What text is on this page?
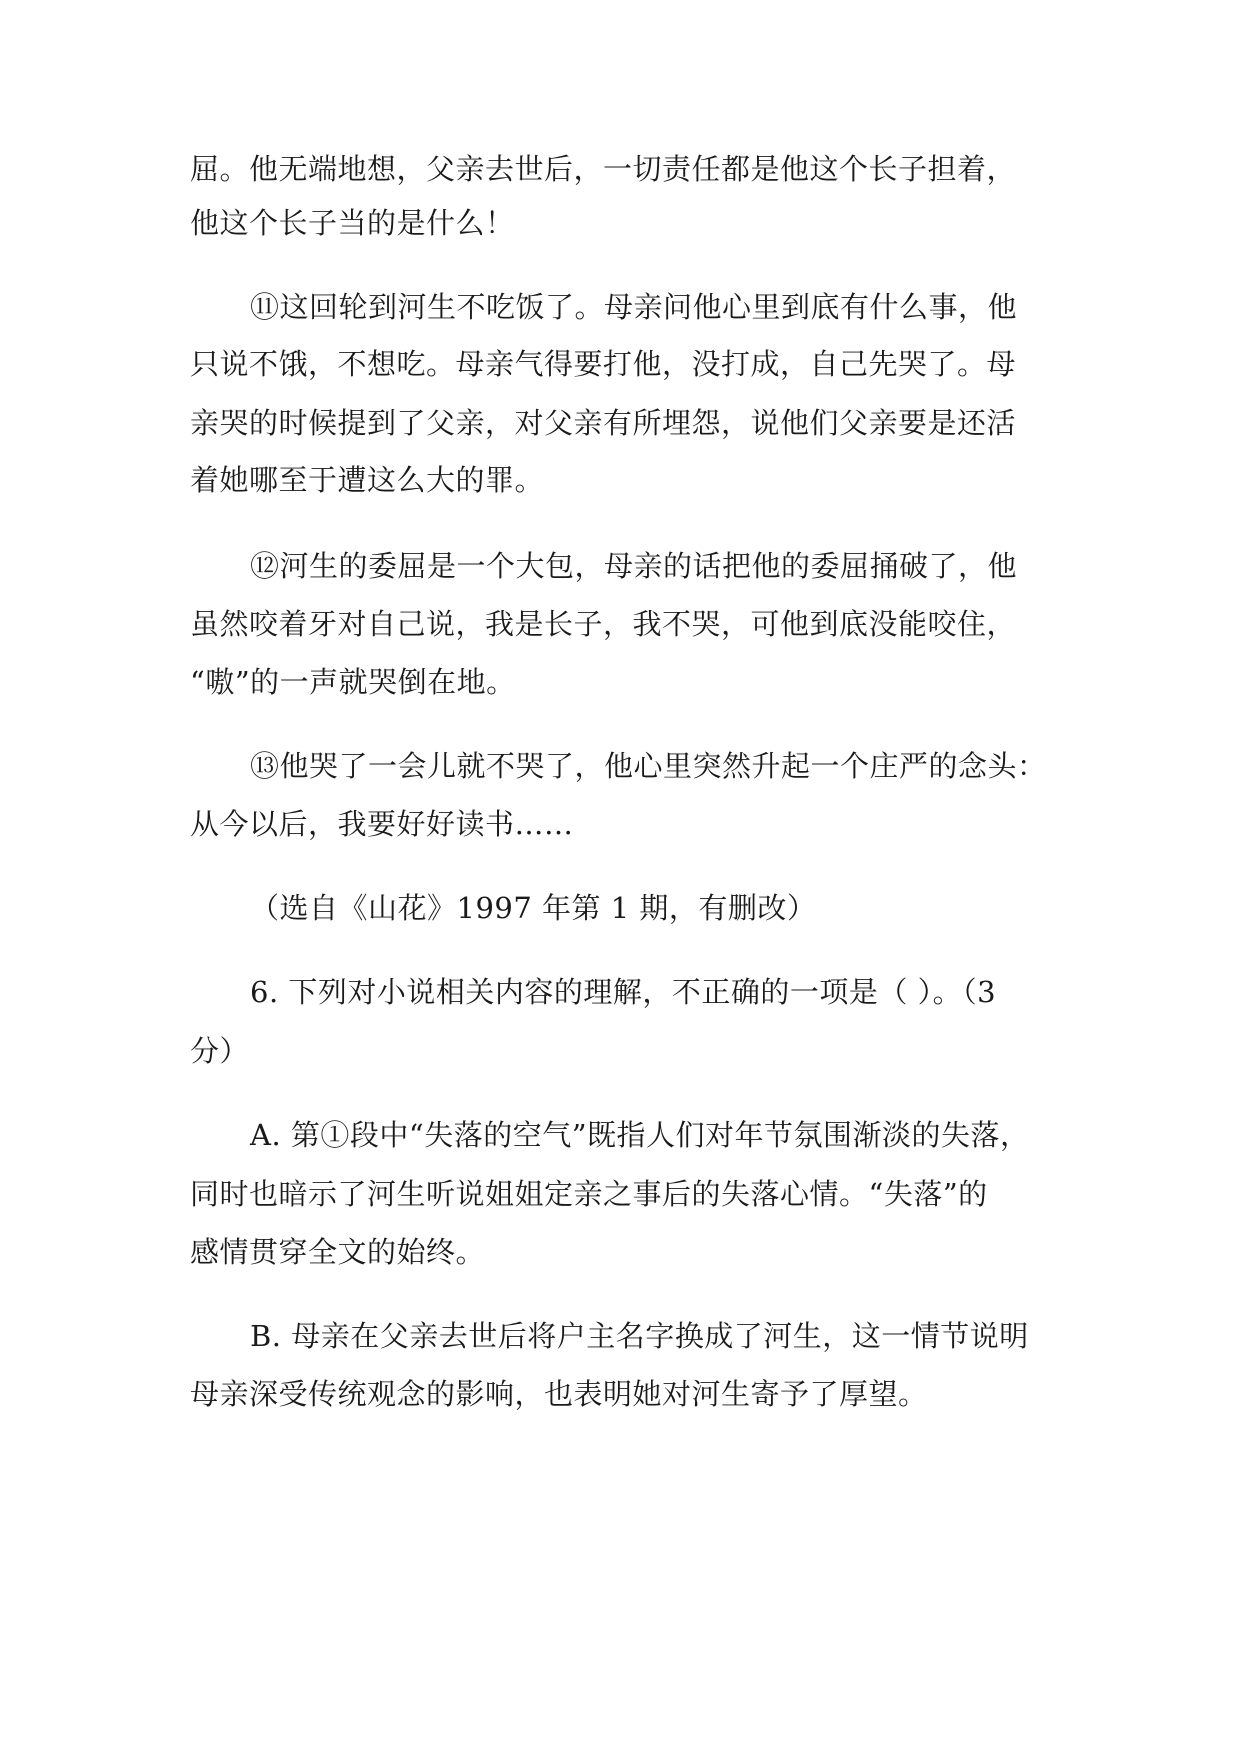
屈。他无端地想，父亲去世后，一切责任都是他这个长子担着，
他这个长子当的是什么！
⑪这回轮到河生不吃饭了。母亲问他心里到底有什么事，他
只说不饿，不想吃。母亲气得要打他，没打成，自己先哭了。母
亲哭的时候提到了父亲，对父亲有所埋怨，说他们父亲要是还活
着她哪至于遭这么大的罪。
⑫河生的委屈是一个大包，母亲的话把他的委屈捅破了，他
虽然咬着牙对自己说，我是长子，我不哭，可他到底没能咬住，
“嗷”的一声就哭倒在地。
⑬他哭了一会儿就不哭了，他心里突然升起一个庄严的念头：
从今以后，我要好好读书……
（选自《山花》1997 年第 1 期，有删改）
6. 下列对小说相关内容的理解，不正确的一项是（ ）。（3
分）
A. 第①段中“失落的空气”既指人们对年节氛围渐淡的失落，
同时也暗示了河生听说姐姐定亲之事后的失落心情。“失落”的
感情贯穿全文的始终。
B. 母亲在父亲去世后将户主名字换成了河生，这一情节说明
母亲深受传统观念的影响，也表明她对河生寄予了厚望。
